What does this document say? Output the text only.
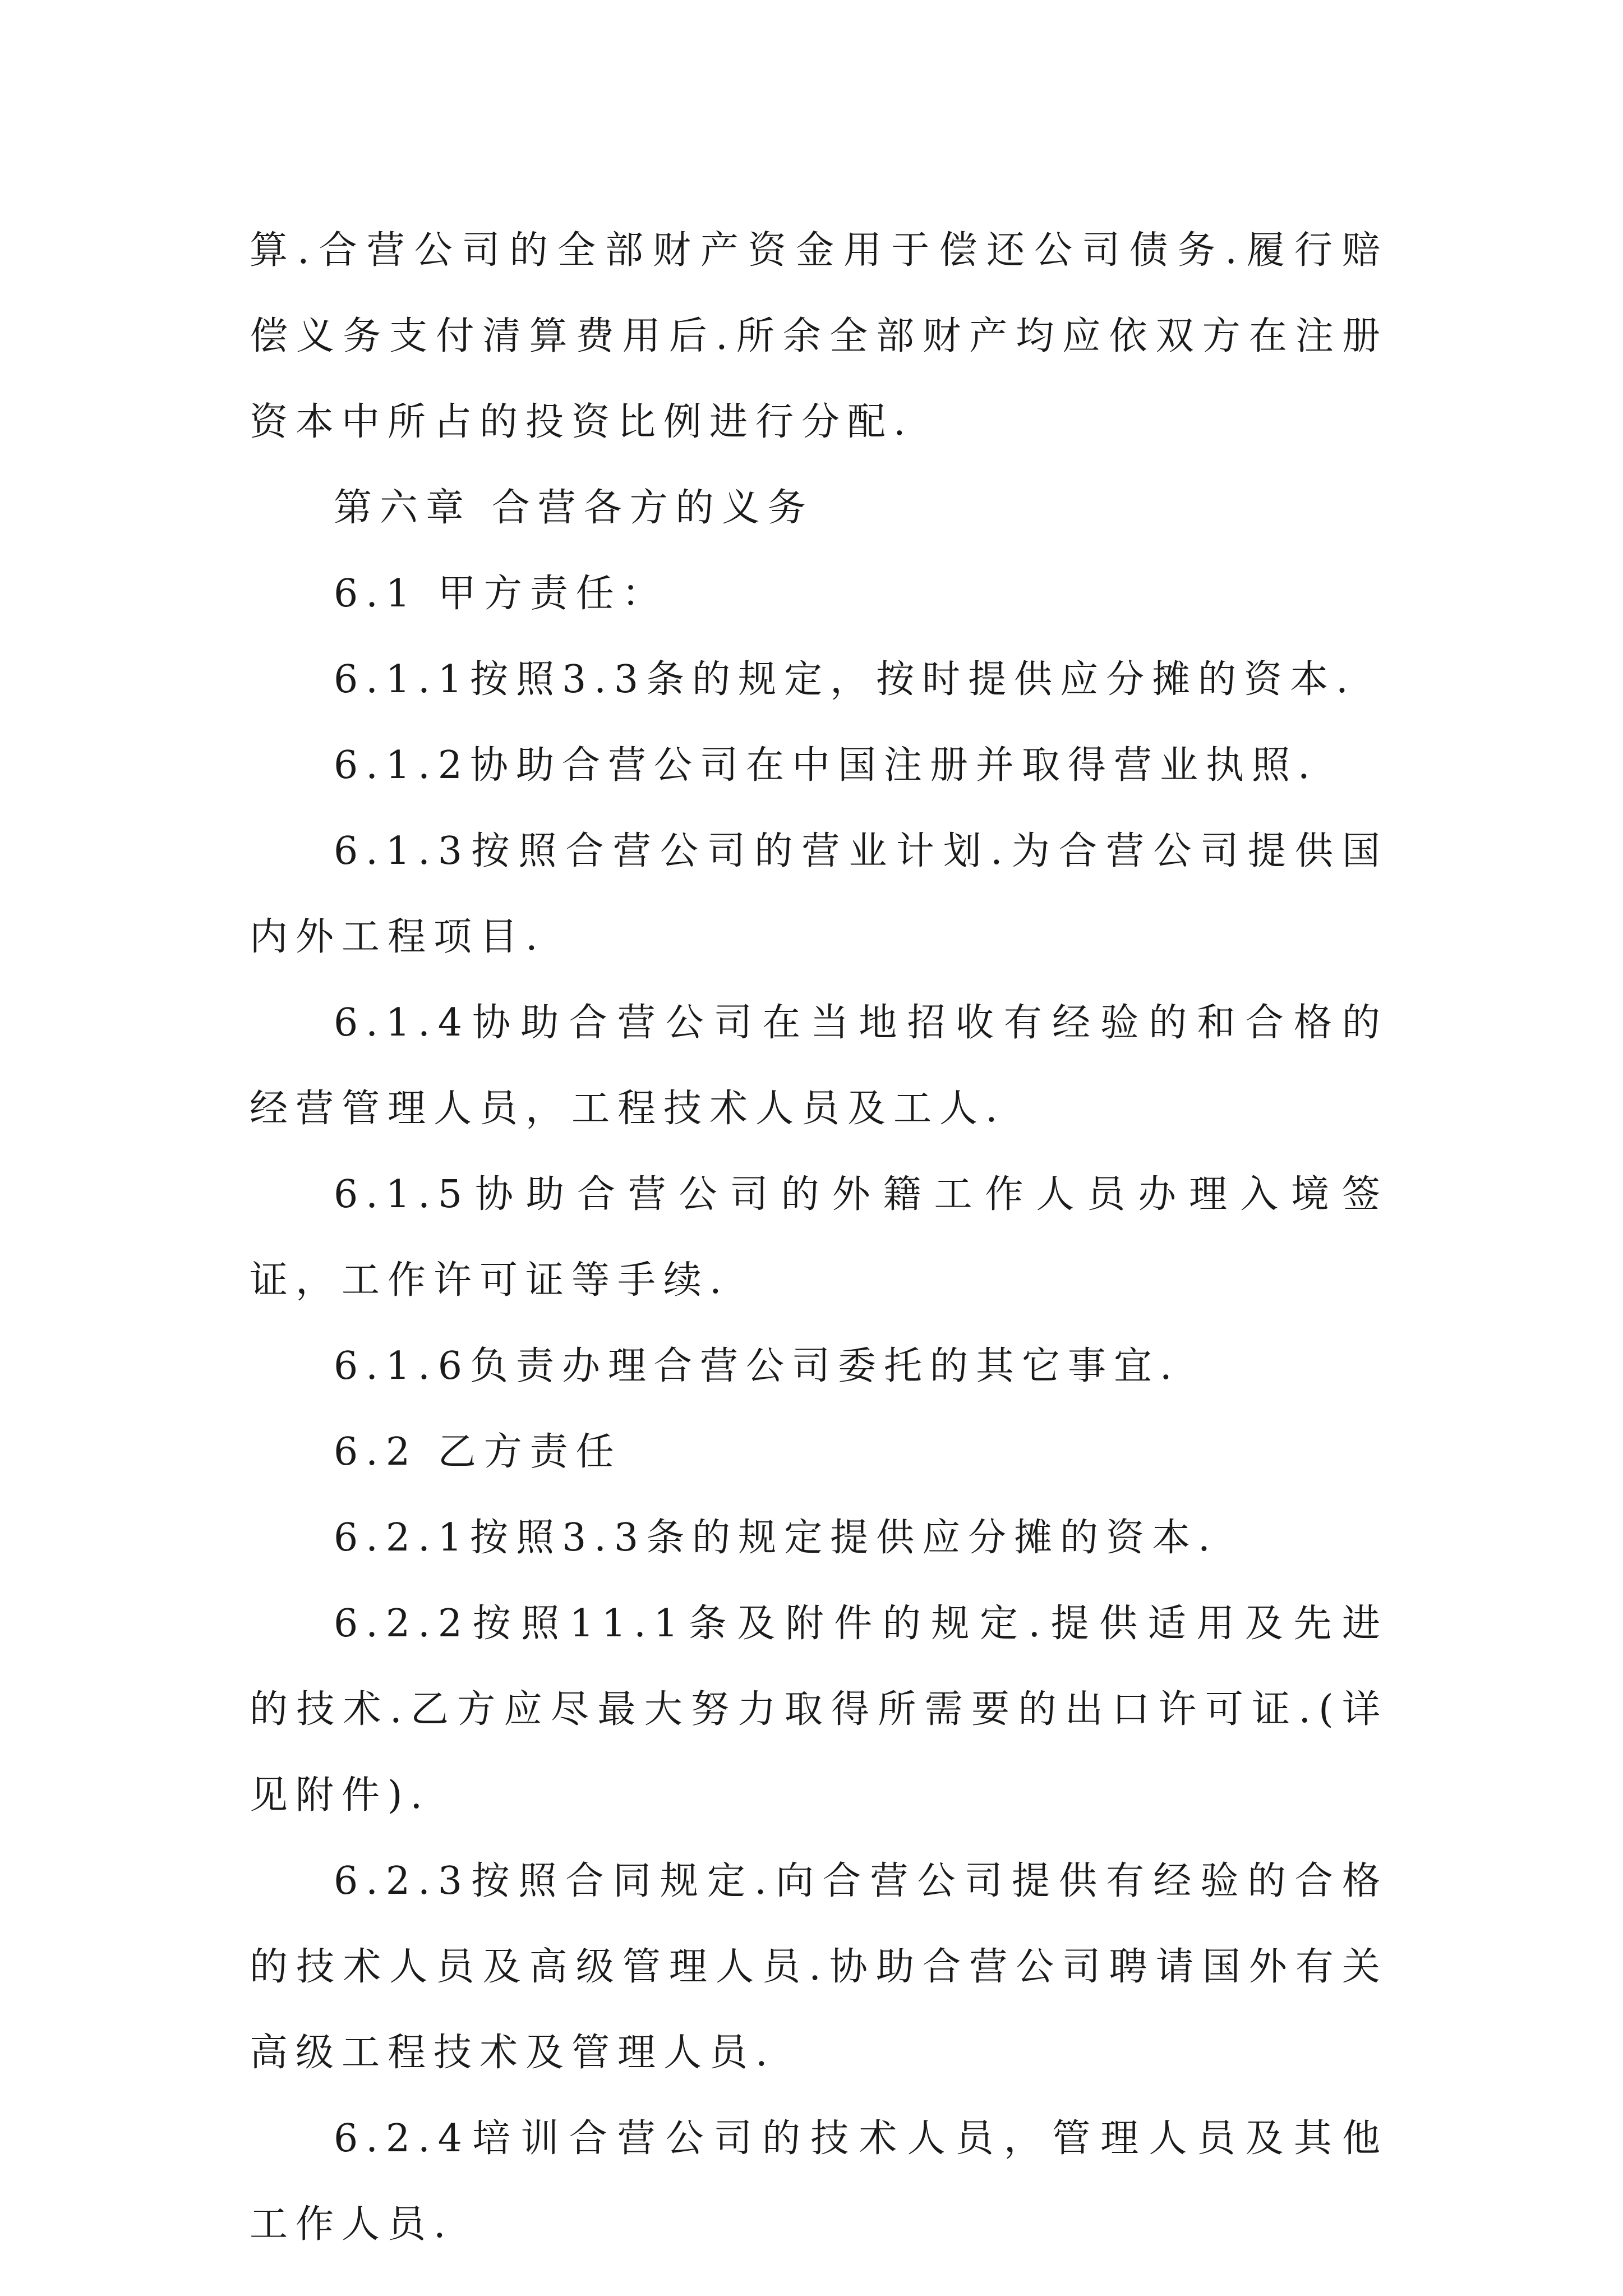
算.合营公司的全部财产资金用于偿还公司债务.履行赔偿义务支付清算费用后.所余全部财产均应依双方在注册资本中所占的投资比例进行分配.

第六章 合营各方的义务

6.1 甲方责任：

6.1.1按照3.3条的规定，按时提供应分摊的资本.

6.1.2协助合营公司在中国注册并取得营业执照.

6.1.3按照合营公司的营业计划.为合营公司提供国内外工程项目.

6.1.4协助合营公司在当地招收有经验的和合格的经营管理人员，工程技术人员及工人.

6.1.5协助合营公司的外籍工作人员办理入境签证，工作许可证等手续.

6.1.6负责办理合营公司委托的其它事宜.

6.2 乙方责任

6.2.1按照3.3条的规定提供应分摊的资本.

6.2.2按照11.1条及附件的规定.提供适用及先进的技术.乙方应尽最大努力取得所需要的出口许可证.(详见附件).

6.2.3按照合同规定.向合营公司提供有经验的合格的技术人员及高级管理人员.协助合营公司聘请国外有关高级工程技术及管理人员.

6.2.4培训合营公司的技术人员，管理人员及其他工作人员.
